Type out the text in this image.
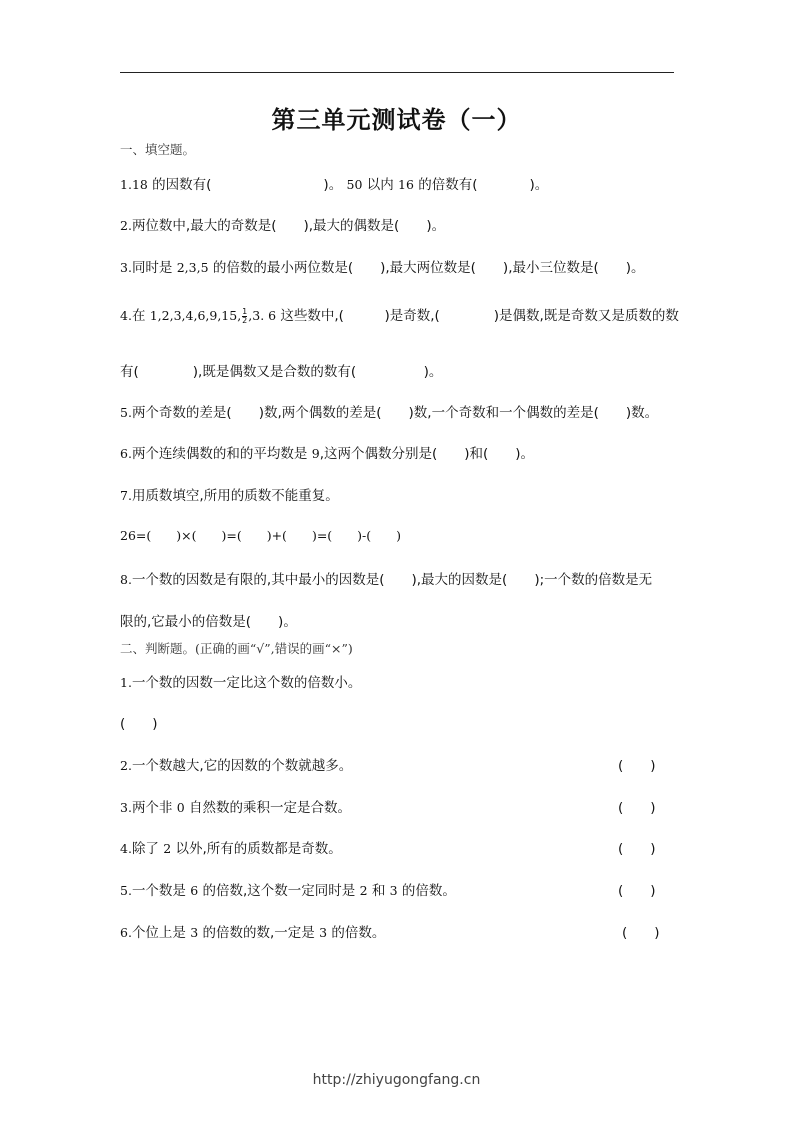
第三单元测试卷（一）
一、填空题。
1.18 的因数有(	)。 50 以内 16 的倍数有(	)。
2.两位数中,最大的奇数是(　　),最大的偶数是(　　)。
3.同时是 2,3,5 的倍数的最小两位数是(　　),最大两位数是(　　),最小三位数是(　　)。
4.在 1,2,3,4,6,9,15, $\frac{1}{2} ,3$. 6 这些数中,(　　　)是奇数,(　　　　)是偶数,既是奇数又是质数的数
有(　　　　),既是偶数又是合数的数有(　　　　　)。
5.两个奇数的差是(　　)数,两个偶数的差是(　　)数,一个奇数和一个偶数的差是(　　)数。
6.两个连续偶数的和的平均数是 9,这两个偶数分别是(　　)和(　　)。
7.用质数填空,所用的质数不能重复。
26=(　　)×(　　)=(　　)+(　　)=(　　)-(　　)
8.一个数的因数是有限的,其中最小的因数是(　　),最大的因数是(　　);一个数的倍数是无
限的,它最小的倍数是(　　)。
二、判断题。(正确的画“√”,错误的画“×”)
1.一个数的因数一定比这个数的倍数小。
(　　)
2.一个数越大,它的因数的个数就越多。	(　　)
3.两个非 0 自然数的乘积一定是合数。	(　　)
4.除了 2 以外,所有的质数都是奇数。	(　　)
5.一个数是 6 的倍数,这个数一定同时是 2 和 3 的倍数。	(　　)
6.个位上是 3 的倍数的数,一定是 3 的倍数。	(　　)
http://zhiyugongfang.cn
